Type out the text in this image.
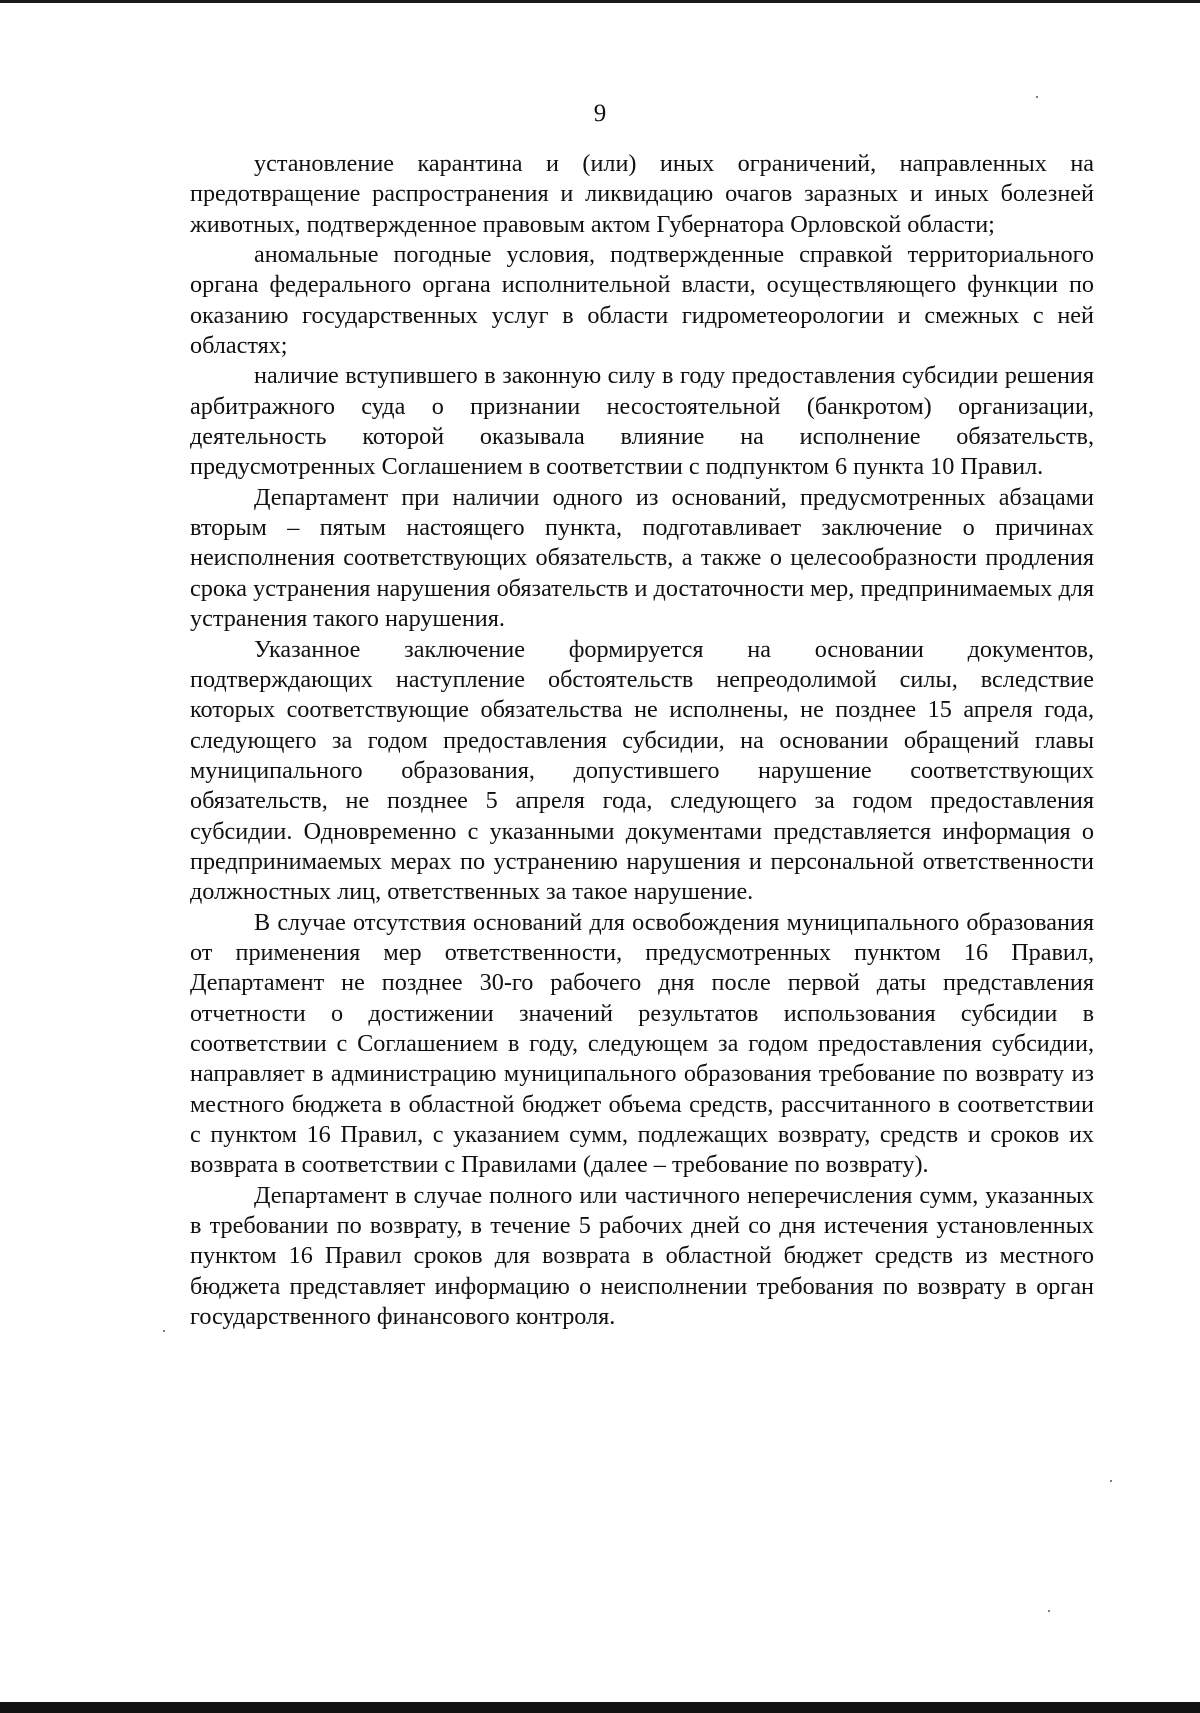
9

установление карантина и (или) иных ограничений, направленных на предотвращение распространения и ликвидацию очагов заразных и иных болезней животных, подтвержденное правовым актом Губернатора Орловской области;

аномальные погодные условия, подтвержденные справкой территориального органа федерального органа исполнительной власти, осуществляющего функции по оказанию государственных услуг в области гидрометеорологии и смежных с ней областях;

наличие вступившего в законную силу в году предоставления субсидии решения арбитражного суда о признании несостоятельной (банкротом) организации, деятельность которой оказывала влияние на исполнение обязательств, предусмотренных Соглашением в соответствии с подпунктом 6 пункта 10 Правил.

Департамент при наличии одного из оснований, предусмотренных абзацами вторым – пятым настоящего пункта, подготавливает заключение о причинах неисполнения соответствующих обязательств, а также о целесообразности продления срока устранения нарушения обязательств и достаточности мер, предпринимаемых для устранения такого нарушения.

Указанное заключение формируется на основании документов, подтверждающих наступление обстоятельств непреодолимой силы, вследствие которых соответствующие обязательства не исполнены, не позднее 15 апреля года, следующего за годом предоставления субсидии, на основании обращений главы муниципального образования, допустившего нарушение соответствующих обязательств, не позднее 5 апреля года, следующего за годом предоставления субсидии. Одновременно с указанными документами представляется информация о предпринимаемых мерах по устранению нарушения и персональной ответственности должностных лиц, ответственных за такое нарушение.

В случае отсутствия оснований для освобождения муниципального образования от применения мер ответственности, предусмотренных пунктом 16 Правил, Департамент не позднее 30-го рабочего дня после первой даты представления отчетности о достижении значений результатов использования субсидии в соответствии с Соглашением в году, следующем за годом предоставления субсидии, направляет в администрацию муниципального образования требование по возврату из местного бюджета в областной бюджет объема средств, рассчитанного в соответствии с пунктом 16 Правил, с указанием сумм, подлежащих возврату, средств и сроков их возврата в соответствии с Правилами (далее – требование по возврату).

Департамент в случае полного или частичного неперечисления сумм, указанных в требовании по возврату, в течение 5 рабочих дней со дня истечения установленных пунктом 16 Правил сроков для возврата в областной бюджет средств из местного бюджета представляет информацию о неисполнении требования по возврату в орган государственного финансового контроля.
